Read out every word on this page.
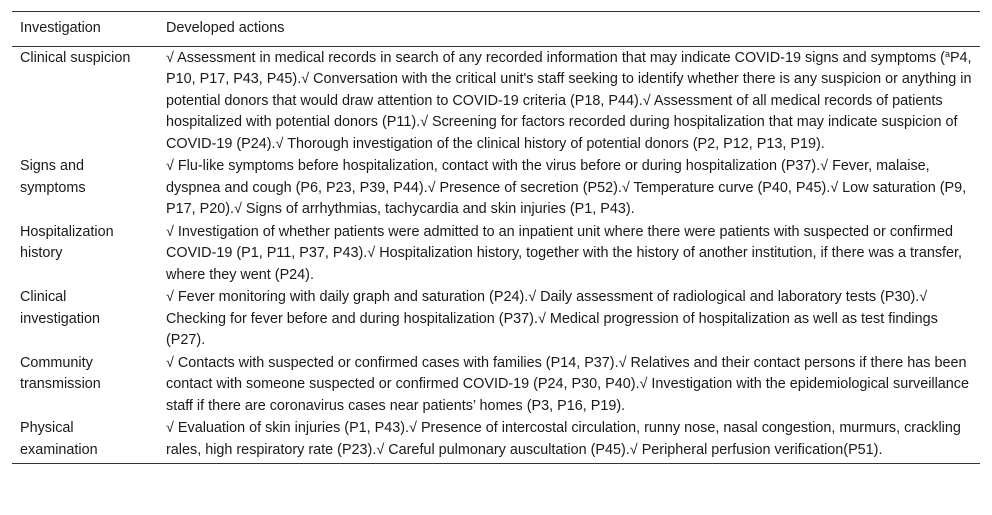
Investigation	Developed actions
Clinical suspicion	√ Assessment in medical records in search of any recorded information that may indicate COVID-19 signs and symptoms ($^a$P4, P10, P17, P43, P45).√ Conversation with the critical unit's staff seeking to identify whether there is any suspicion or anything in potential donors that would draw attention to COVID-19 criteria (P18, P44).√ Assessment of all medical records of patients hospitalized with potential donors (P11).√ Screening for factors recorded during hospitalization that may indicate suspicion of COVID-19 (P24).√ Thorough investigation of the clinical history of potential donors (P2, P12, P13, P19).
Signs and symptoms	√ Flu-like symptoms before hospitalization, contact with the virus before or during hospitalization (P37).√ Fever, malaise, dyspnea and cough (P6, P23, P39, P44).√ Presence of secretion (P52).√ Temperature curve (P40, P45).√ Low saturation (P9, P17, P20).√ Signs of arrhythmias, tachycardia and skin injuries (P1, P43).
Hospitalization history	√ Investigation of whether patients were admitted to an inpatient unit where there were patients with suspected or confirmed COVID-19 (P1, P11, P37, P43).√ Hospitalization history, together with the history of another institution, if there was a transfer, where they went (P24).
Clinical investigation	√ Fever monitoring with daily graph and saturation (P24).√ Daily assessment of radiological and laboratory tests (P30).√ Checking for fever before and during hospitalization (P37).√ Medical progression of hospitalization as well as test findings (P27).
Community transmission	√ Contacts with suspected or confirmed cases with families (P14, P37).√ Relatives and their contact persons if there has been contact with someone suspected or confirmed COVID-19 (P24, P30, P40).√ Investigation with the epidemiological surveillance staff if there are coronavirus cases near patients’ homes (P3, P16, P19).
Physical examination	√ Evaluation of skin injuries (P1, P43).√ Presence of intercostal circulation, runny nose, nasal congestion, murmurs, crackling rales, high respiratory rate (P23).√ Careful pulmonary auscultation (P45).√ Peripheral perfusion verification(P51).
